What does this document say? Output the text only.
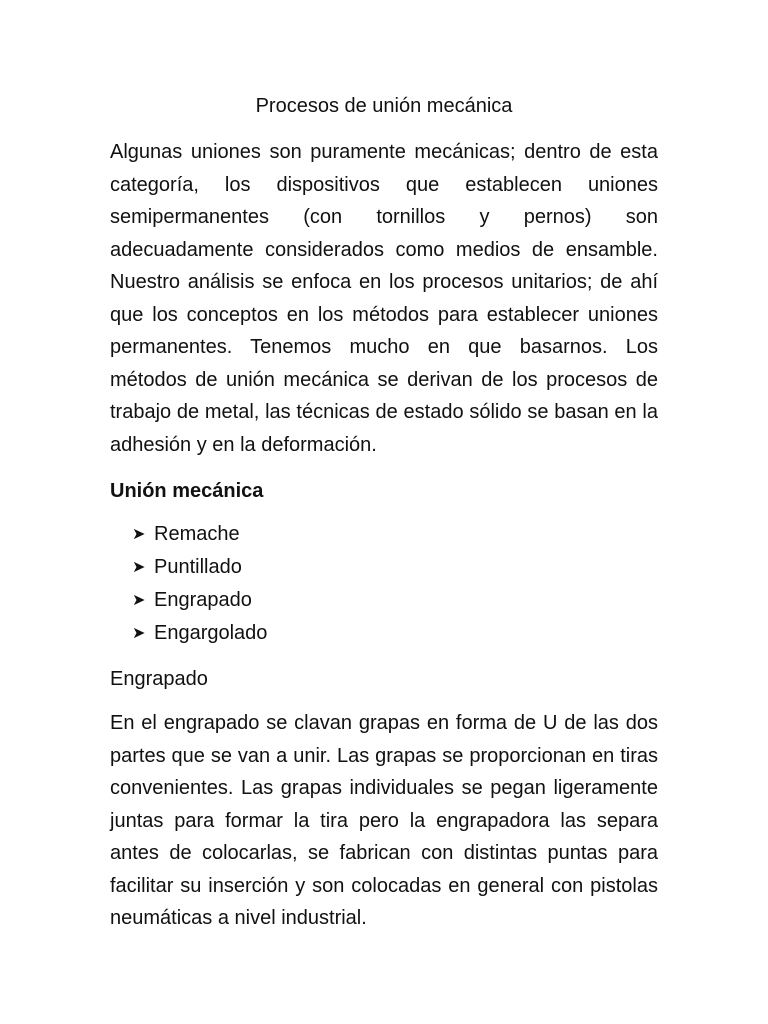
Procesos de unión mecánica

Algunas uniones son puramente mecánicas; dentro de esta categoría, los dispositivos que establecen uniones semipermanentes (con tornillos y pernos) son adecuadamente considerados como medios de ensamble. Nuestro análisis se enfoca en los procesos unitarios; de ahí que los conceptos en los métodos para establecer uniones permanentes. Tenemos mucho en que basarnos. Los métodos de unión mecánica se derivan de los procesos de trabajo de metal, las técnicas de estado sólido se basan en la adhesión y en la deformación.

Unión mecánica
➤ Remache
➤ Puntillado
➤ Engrapado
➤ Engargolado
Engrapado

En el engrapado se clavan grapas en forma de U de las dos partes que se van a unir. Las grapas se proporcionan en tiras convenientes. Las grapas individuales se pegan ligeramente juntas para formar la tira pero la engrapadora las separa antes de colocarlas, se fabrican con distintas puntas para facilitar su inserción y son colocadas en general con pistolas neumáticas a nivel industrial.
